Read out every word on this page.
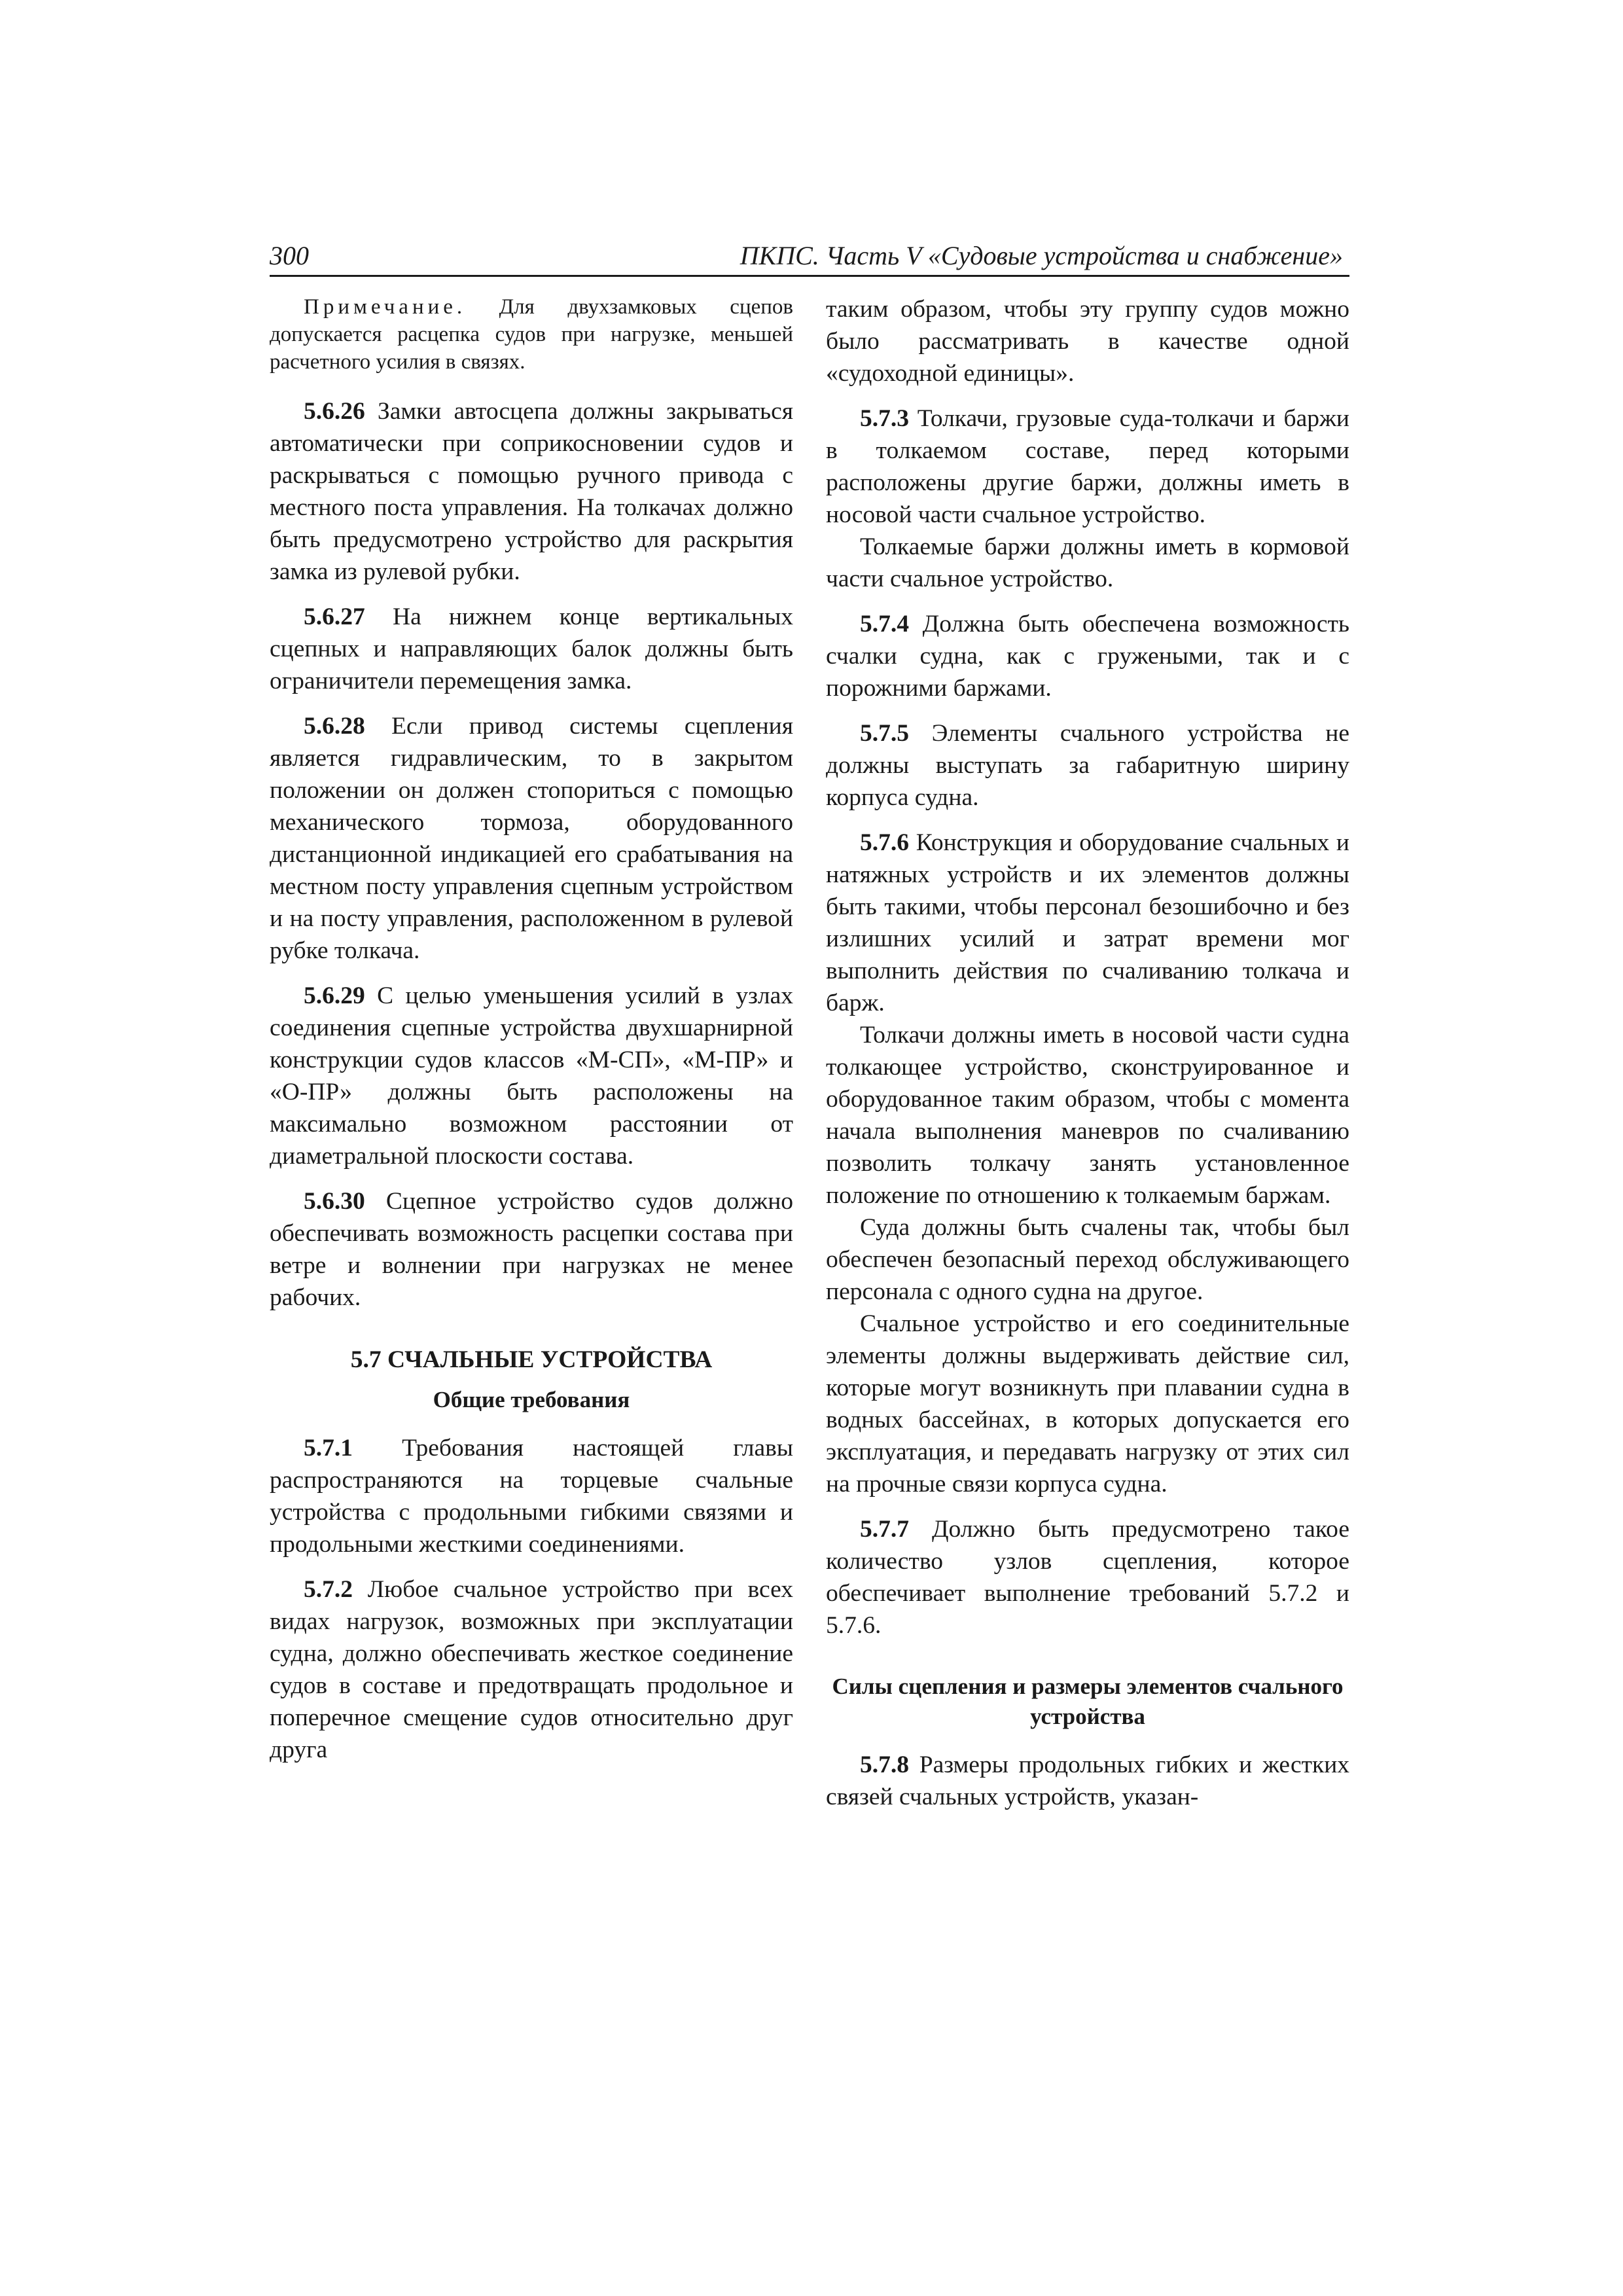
300	ПКПС. Часть V «Судовые устройства и снабжение»

Примечание. Для двухзамковых сцепов допускается расцепка судов при нагрузке, меньшей расчетного усилия в связях.

5.6.26 Замки автосцепа должны закрываться автоматически при соприкосновении судов и раскрываться с помощью ручного привода с местного поста управления. На толкачах должно быть предусмотрено устройство для раскрытия замка из рулевой рубки.

5.6.27 На нижнем конце вертикальных сцепных и направляющих балок должны быть ограничители перемещения замка.

5.6.28 Если привод системы сцепления является гидравлическим, то в закрытом положении он должен стопориться с помощью механического тормоза, оборудованного дистанционной индикацией его срабатывания на местном посту управления сцепным устройством и на посту управления, расположенном в рулевой рубке толкача.

5.6.29 С целью уменьшения усилий в узлах соединения сцепные устройства двухшарнирной конструкции судов классов «М-СП», «М-ПР» и «О-ПР» должны быть расположены на максимально возможном расстоянии от диаметральной плоскости состава.

5.6.30 Сцепное устройство судов должно обеспечивать возможность расцепки состава при ветре и волнении при нагрузках не менее рабочих.

5.7 СЧАЛЬНЫЕ УСТРОЙСТВА
Общие требования

5.7.1 Требования настоящей главы распространяются на торцевые счальные устройства с продольными гибкими связями и продольными жесткими соединениями.

5.7.2 Любое счальное устройство при всех видах нагрузок, возможных при эксплуатации судна, должно обеспечивать жесткое соединение судов в составе и предотвращать продольное и поперечное смещение судов относительно друг друга

таким образом, чтобы эту группу судов можно было рассматривать в качестве одной «судоходной единицы».

5.7.3 Толкачи, грузовые суда-толкачи и баржи в толкаемом составе, перед которыми расположены другие баржи, должны иметь в носовой части счальное устройство.

Толкаемые баржи должны иметь в кормовой части счальное устройство.

5.7.4 Должна быть обеспечена возможность счалки судна, как с гружеными, так и с порожними баржами.

5.7.5 Элементы счального устройства не должны выступать за габаритную ширину корпуса судна.

5.7.6 Конструкция и оборудование счальных и натяжных устройств и их элементов должны быть такими, чтобы персонал безошибочно и без излишних усилий и затрат времени мог выполнить действия по счаливанию толкача и барж.

Толкачи должны иметь в носовой части судна толкающее устройство, сконструированное и оборудованное таким образом, чтобы с момента начала выполнения маневров по счаливанию позволить толкачу занять установленное положение по отношению к толкаемым баржам.

Суда должны быть счалены так, чтобы был обеспечен безопасный переход обслуживающего персонала с одного судна на другое.

Счальное устройство и его соединительные элементы должны выдерживать действие сил, которые могут возникнуть при плавании судна в водных бассейнах, в которых допускается его эксплуатация, и передавать нагрузку от этих сил на прочные связи корпуса судна.

5.7.7 Должно быть предусмотрено такое количество узлов сцепления, которое обеспечивает выполнение требований 5.7.2 и 5.7.6.

Силы сцепления и размеры элементов счального устройства

5.7.8 Размеры продольных гибких и жестких связей счальных устройств, указан-
